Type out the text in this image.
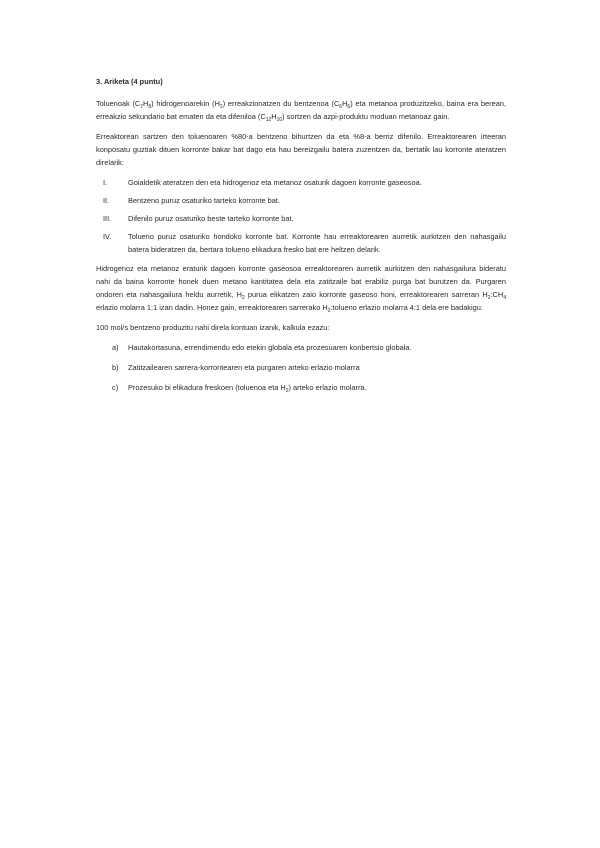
3. Ariketa (4 puntu)

Toluenoak $(C_7H_8)$ hidrogenoarekin $(H_2)$ erreakzionatzen du bentzenoa $(C_6H_6)$ eta metanoa produzitzeko, baina era berean, erreakzio sekundario bat ematen da eta difeniloa $(C_{12}H_{10})$ sortzen da azpi-produktu moduan metanoaz gain.

Erreaktorean sartzen den toluenoaren %80-a bentzeno bihurtzen da eta %8-a berriz difenilo. Erreaktorearen irteeran konposatu guztiak dituen korronte bakar bat dago eta hau bereizgailu batera zuzentzen da, bertatik lau korronte ateratzen direlarik:

I.	Goialdetik ateratzen den eta hidrogenoz eta metanoz osaturik dagoen korronte gaseosoa.
II.	Bentzeno puruz osaturiko tarteko korronte bat.
III.	Difenilo puruz osaturiko beste tarteko korronte bat.
IV.	Tolueno puruz osaturiko hondoko korronte bat. Korronte hau erreaktorearen aurretik aurkitzen den nahasgailu batera bideratzen da, bertara tolueno elikadura fresko bat ere heltzen delarik.

Hidrogenoz eta metanoz eraturik dagoen korronte gaseosoa erreaktorearen aurretik aurkitzen den nahasgailura bideratu nahi da baina korronte honek duen metano kantitatea dela eta zatitzaile bat erabiliz purga bat burutzen da. Purgaren ondoren eta nahasgailura heldu aurretik, $H_2$ purua elikatzen zaio korronte gaseoso honi, erreaktorearen sarreran $H_2:CH_4$ erlazio molarra 1:1 izan dadin. Honez gain, erreaktorearen sarrerako $H_2:tolueno$ erlazio molarra 4:1 dela ere badakigu.

100 mol/s bentzeno produzitu nahi direla kontuan izanik, kalkula ezazu:

a)	Hautakortasuna, errendimendu edo etekin globala eta prozesuaren konbertsio globala.
b)	Zatitzailearen sarrera-korrontearen eta purgaren arteko erlazio molarra
c)	Prozesuko bi elikadura freskoen (toluenoa eta $H_2$) arteko erlazio molarra.
